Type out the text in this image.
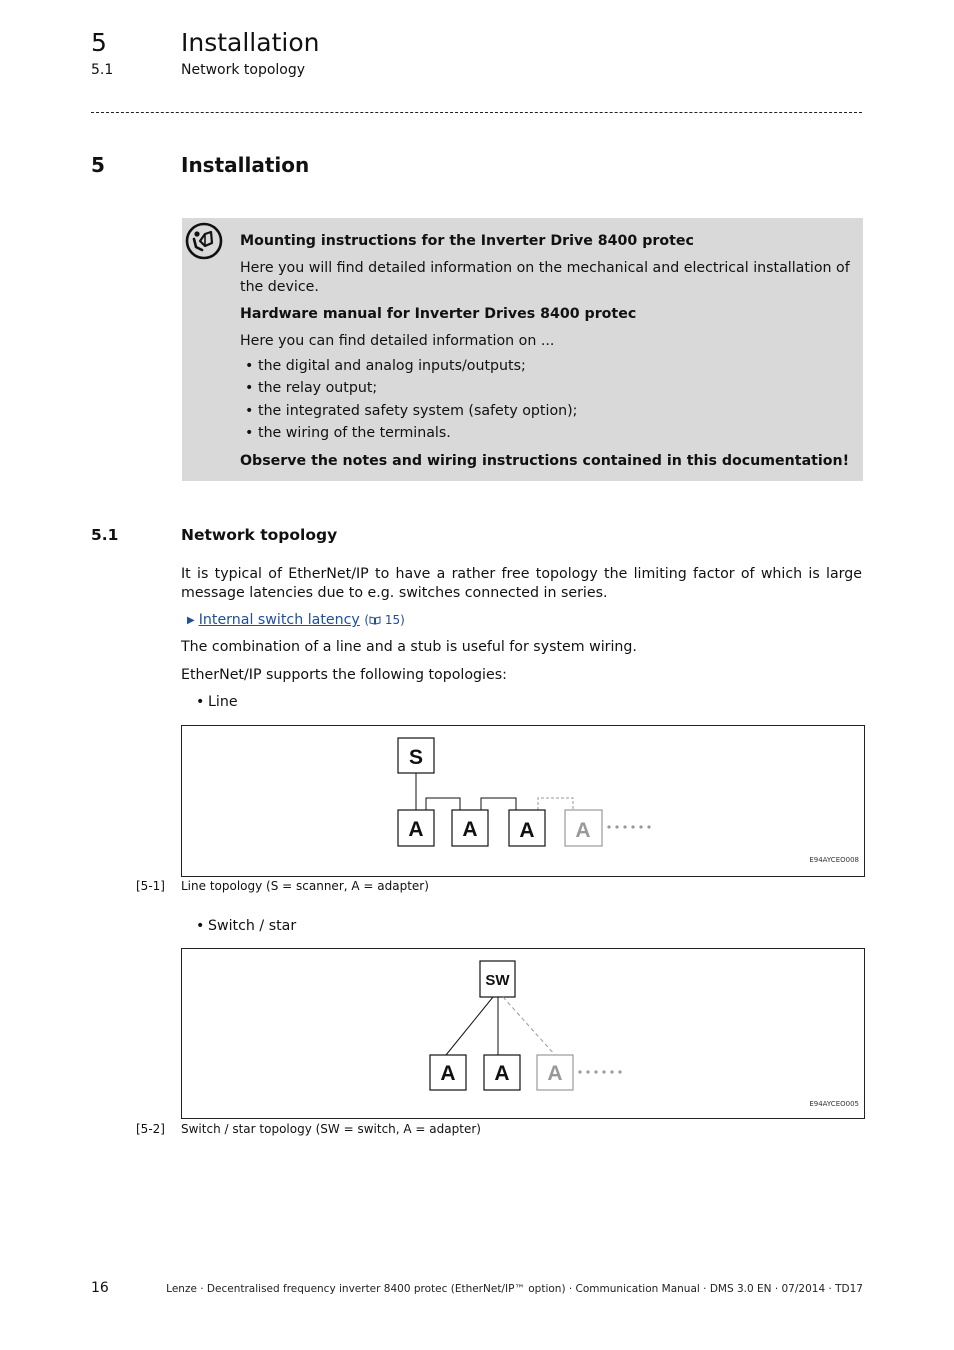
5	Installation
5.1	Network topology
5	Installation

Mounting instructions for the Inverter Drive 8400 protec

Here you will find detailed information on the mechanical and electrical installation of the device.

Hardware manual for Inverter Drives 8400 protec

Here you can find detailed information on ...

• the digital and analog inputs/outputs;
• the relay output;
• the integrated safety system (safety option);
• the wiring of the terminals.

Observe the notes and wiring instructions contained in this documentation!

5.1	Network topology
It is typical of EtherNet/IP to have a rather free topology the limiting factor of which is large message latencies due to e.g. switches connected in series.
▶ Internal switch latency ( 15)
The combination of a line and a stub is useful for system wiring.
EtherNet/IP supports the following topologies:
• Line
S
A A A A
E94AYCEO008
[5-1] Line topology (S = scanner, A = adapter)
• Switch / star
SW
A A A
E94AYCEO005
[5-2] Switch / star topology (SW = switch, A = adapter)
16	Lenze · Decentralised frequency inverter 8400 protec (EtherNet/IP™ option) · Communication Manual · DMS 3.0 EN · 07/2014 · TD17
